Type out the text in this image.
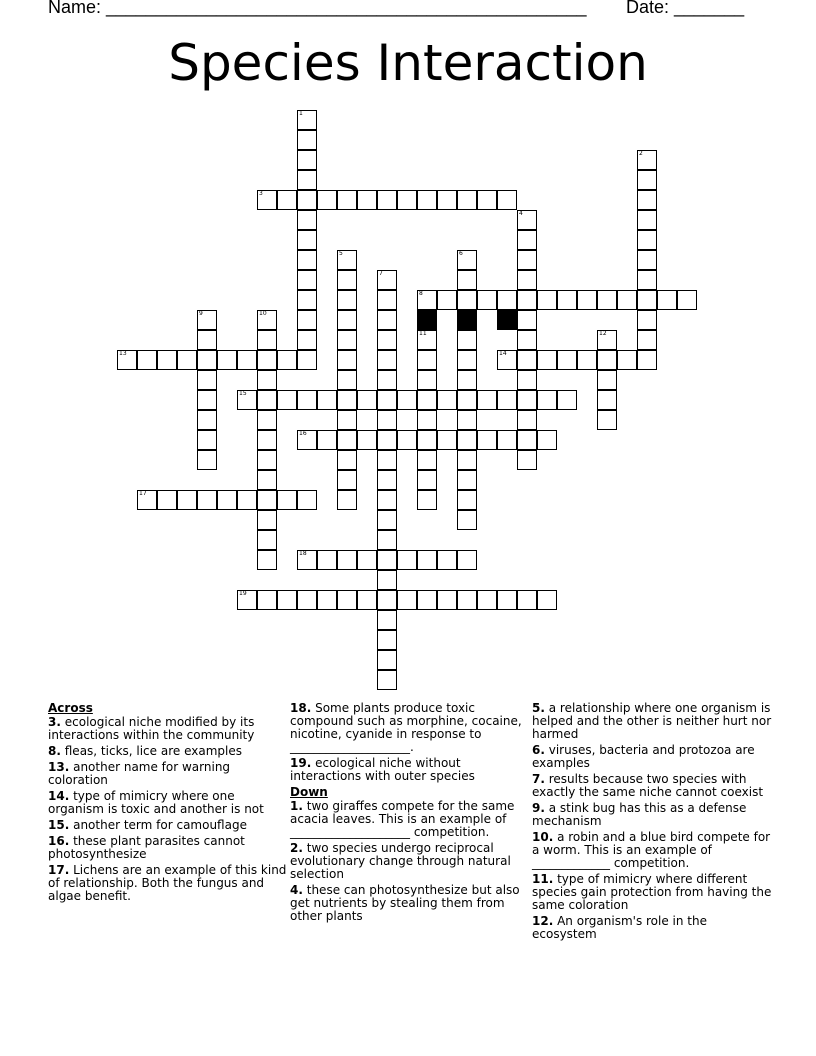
Name: ________________________________________________ Date: _______
Species Interaction
1
2
3
4
5	6
7
8
9	10
11	12
13	14
15
16
17
18
19
Across
3. ecological niche modified by its interactions within the community
8. fleas, ticks, lice are examples
13. another name for warning coloration
14. type of mimicry where one organism is toxic and another is not
15. another term for camouflage
16. these plant parasites cannot photosynthesize
17. Lichens are an example of this kind of relationship. Both the fungus and algae benefit.
18. Some plants produce toxic compound such as morphine, cocaine, nicotine, cyanide in response to ____________________.
19. ecological niche without interactions with outer species
Down
1. two giraffes compete for the same acacia leaves. This is an example of ____________________ competition.
2. two species undergo reciprocal evolutionary change through natural selection
4. these can photosynthesize but also get nutrients by stealing them from other plants
5. a relationship where one organism is helped and the other is neither hurt nor harmed
6. viruses, bacteria and protozoa are examples
7. results because two species with exactly the same niche cannot coexist
9. a stink bug has this as a defense mechanism
10. a robin and a blue bird compete for a worm. This is an example of _____________ competition.
11. type of mimicry where different species gain protection from having the same coloration
12. An organism's role in the ecosystem
